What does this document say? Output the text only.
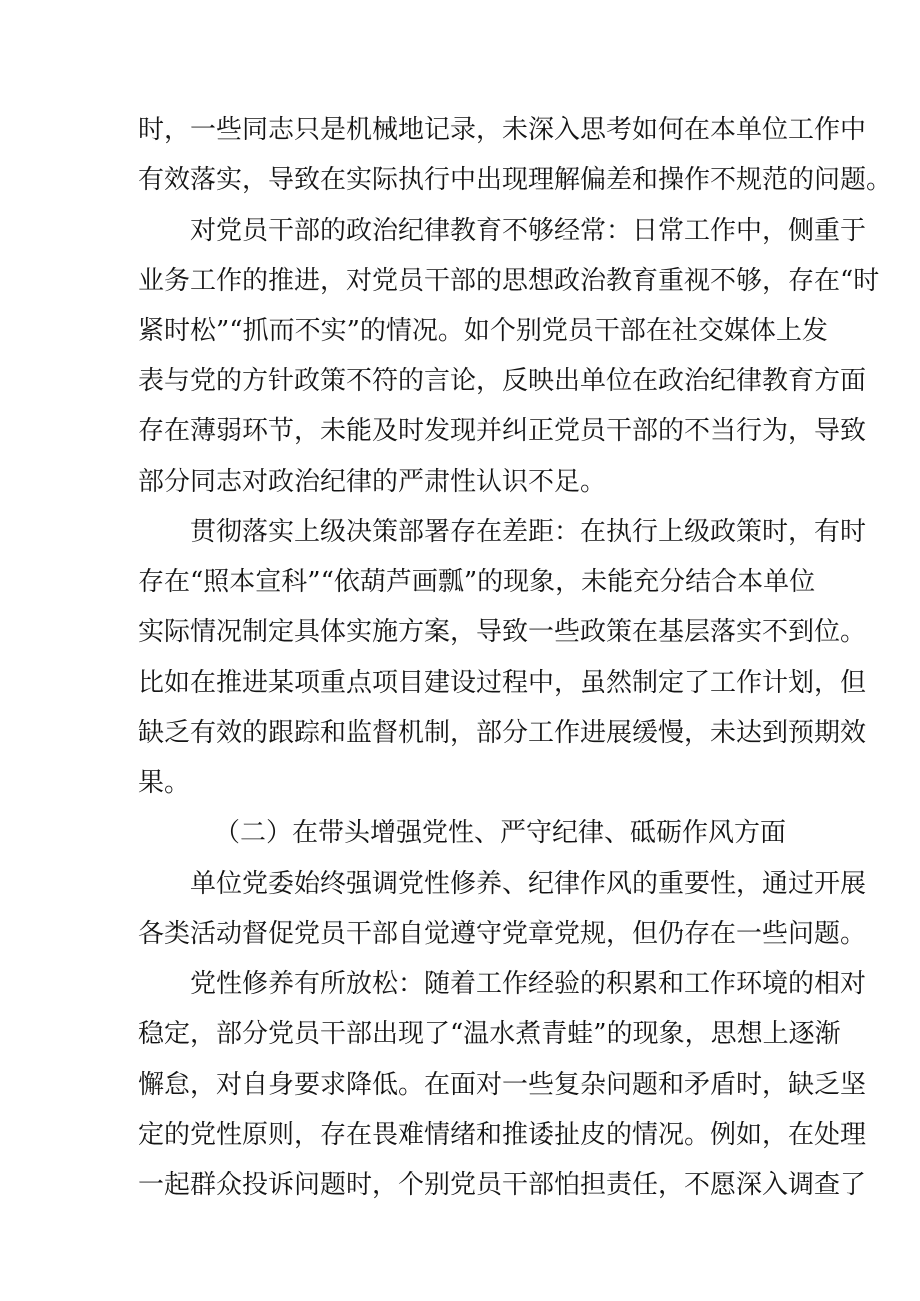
时，一些同志只是机械地记录，未深入思考如何在本单位工作中
有效落实，导致在实际执行中出现理解偏差和操作不规范的问题。
对党员干部的政治纪律教育不够经常：日常工作中，侧重于
业务工作的推进，对党员干部的思想政治教育重视不够，存在“时
紧时松”“抓而不实”的情况。如个别党员干部在社交媒体上发
表与党的方针政策不符的言论，反映出单位在政治纪律教育方面
存在薄弱环节，未能及时发现并纠正党员干部的不当行为，导致
部分同志对政治纪律的严肃性认识不足。
贯彻落实上级决策部署存在差距：在执行上级政策时，有时
存在“照本宣科”“依葫芦画瓢”的现象，未能充分结合本单位
实际情况制定具体实施方案，导致一些政策在基层落实不到位。
比如在推进某项重点项目建设过程中，虽然制定了工作计划，但
缺乏有效的跟踪和监督机制，部分工作进展缓慢，未达到预期效
果。
（二）在带头增强党性、严守纪律、砥砺作风方面
单位党委始终强调党性修养、纪律作风的重要性，通过开展
各类活动督促党员干部自觉遵守党章党规，但仍存在一些问题。
党性修养有所放松：随着工作经验的积累和工作环境的相对
稳定，部分党员干部出现了“温水煮青蛙”的现象，思想上逐渐
懈怠，对自身要求降低。在面对一些复杂问题和矛盾时，缺乏坚
定的党性原则，存在畏难情绪和推诿扯皮的情况。例如，在处理
一起群众投诉问题时，个别党员干部怕担责任，不愿深入调查了
